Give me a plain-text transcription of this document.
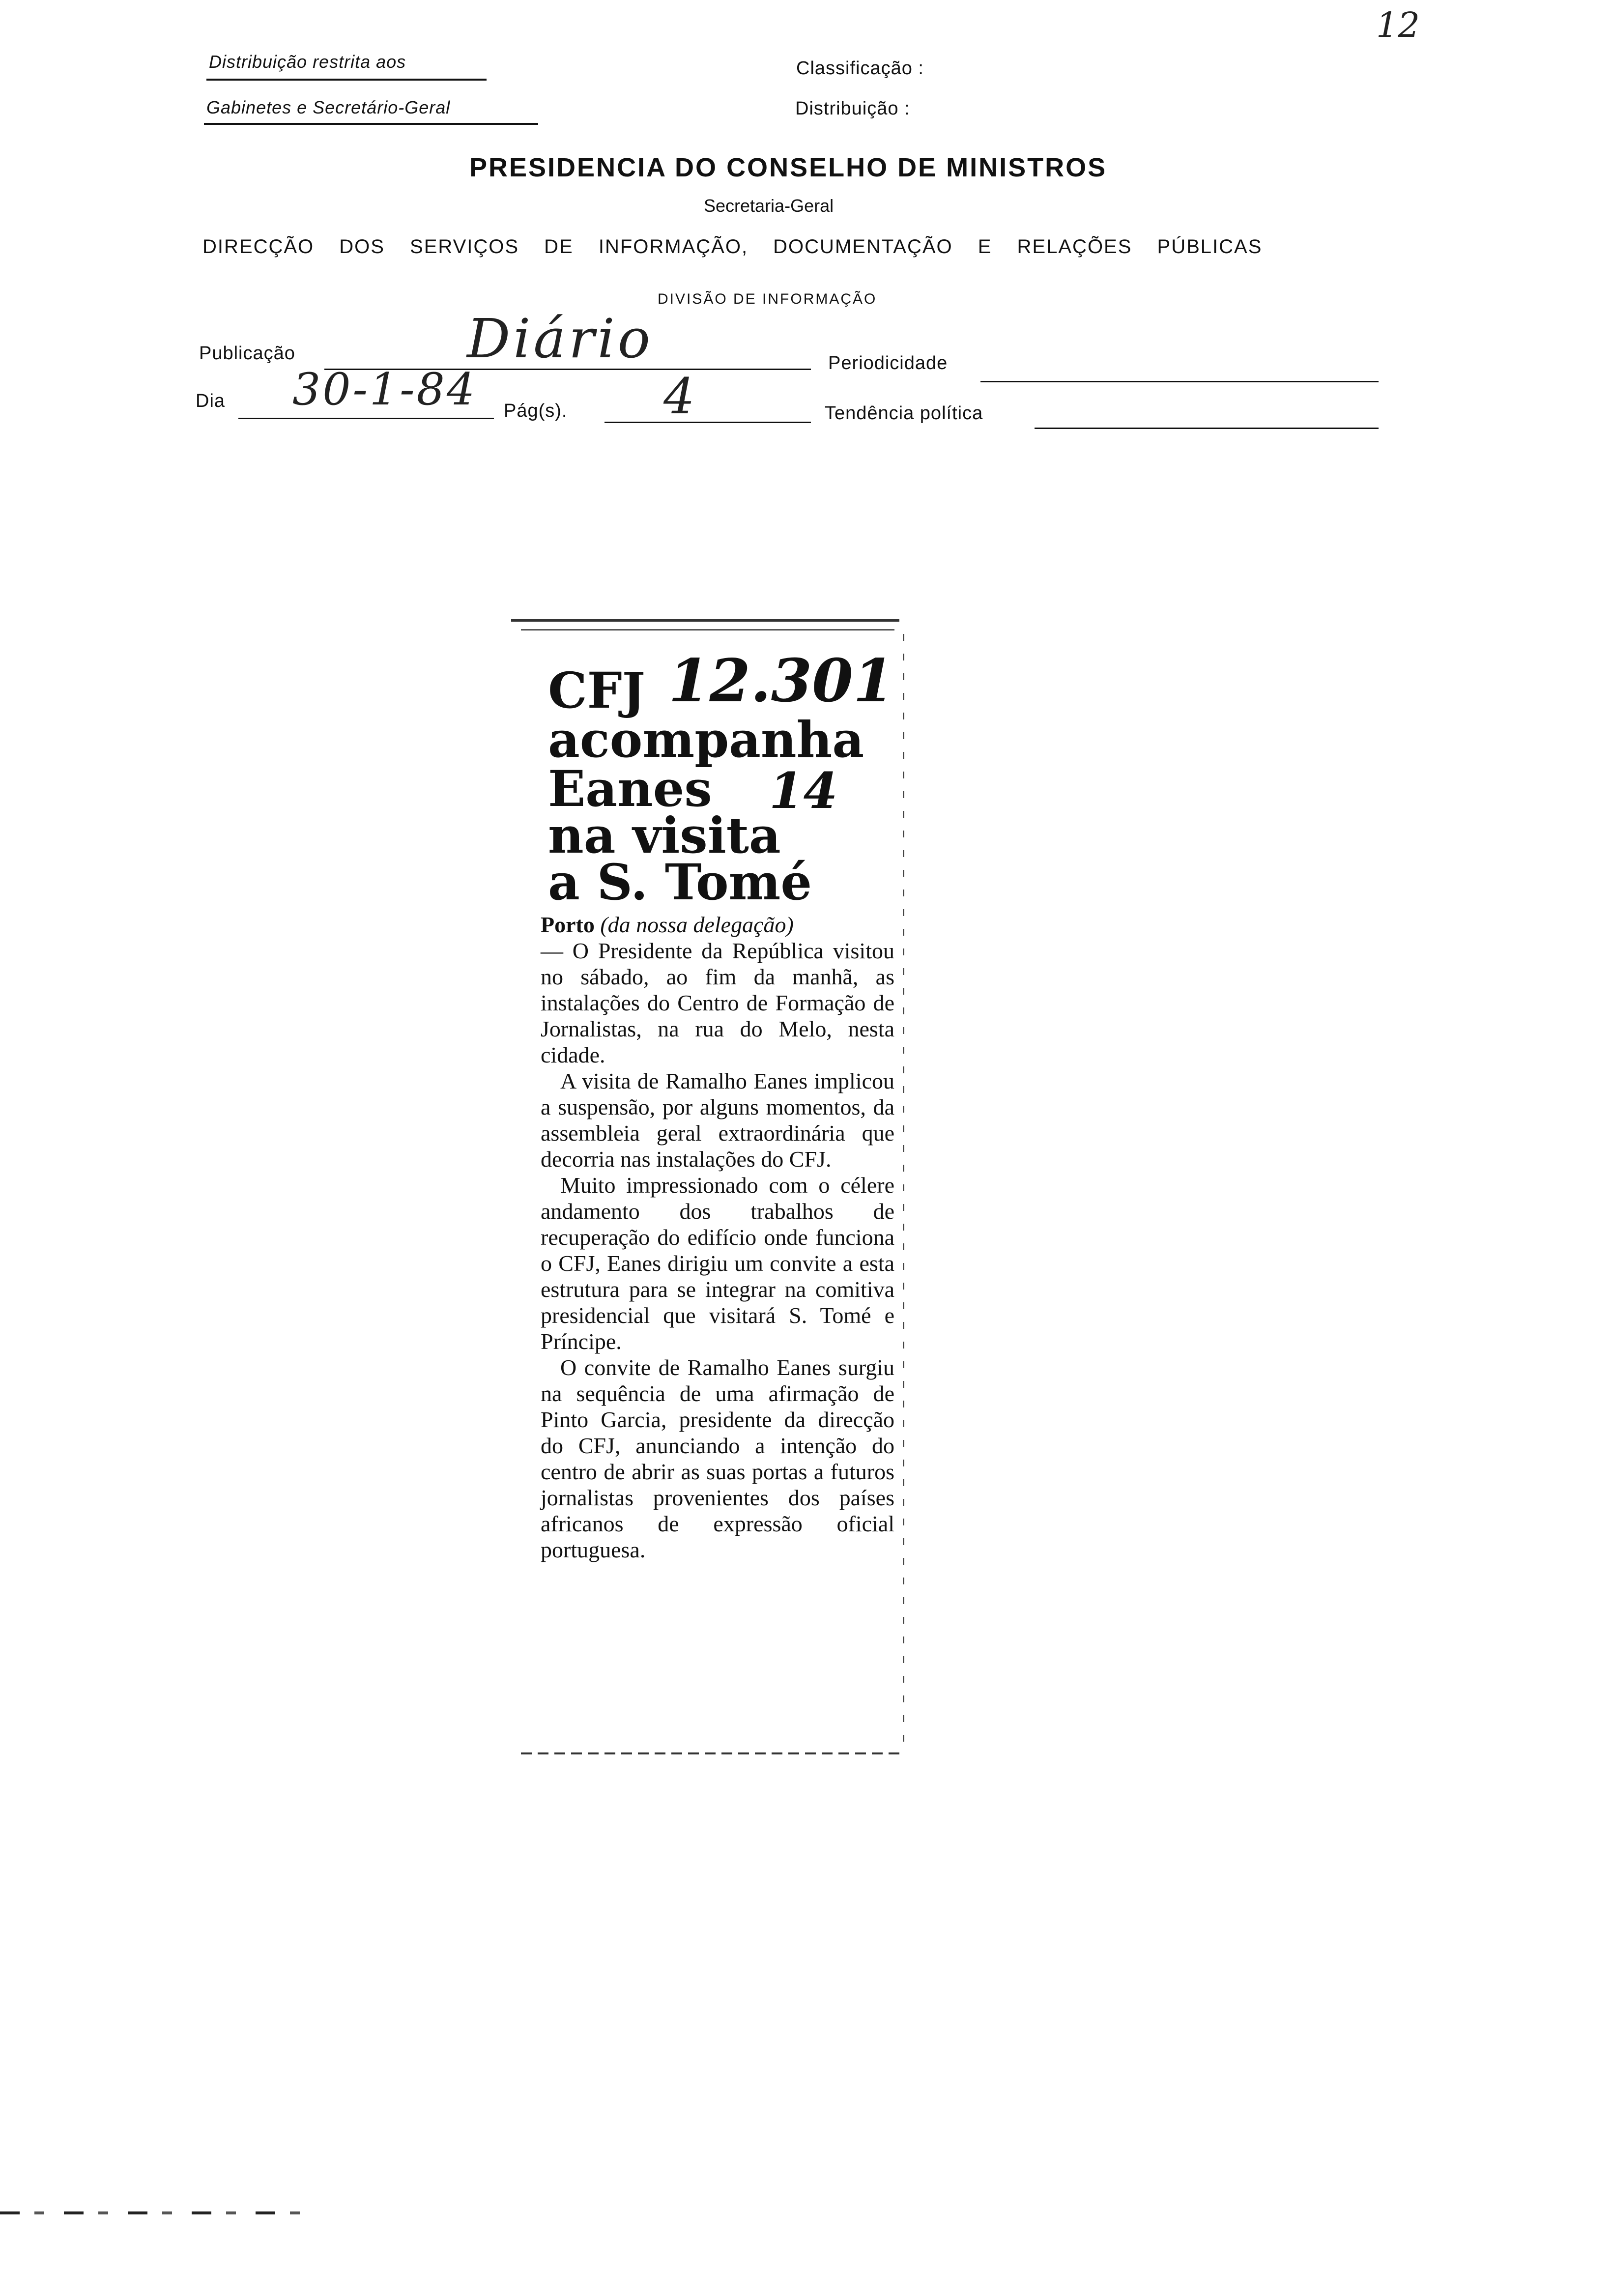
12
Distribuição restrita aos
Gabinetes e Secretário-Geral
Classificação :
Distribuição :
PRESIDENCIA DO CONSELHO DE MINISTROS
Secretaria-Geral
DIRECÇÃO DOS SERVIÇOS DE INFORMAÇÃO, DOCUMENTAÇÃO E RELAÇÕES PÚBLICAS
DIVISÃO DE INFORMAÇÃO
Publicação	Diário	Periodicidade
Dia 30-1-84 Pág(s). 4	Tendência política
CFJ
acompanha
Eanes
na visita
a S. Tomé
12.301
14

Porto (da nossa delegação)

— O Presidente da República visitou no sábado, ao fim da manhã, as instalações do Centro de Formação de Jornalistas, na rua do Melo, nesta cidade.

A visita de Ramalho Eanes implicou a suspensão, por alguns momentos, da assembleia geral extraordinária que decorria nas instalações do CFJ.

Muito impressionado com o célere andamento dos trabalhos de recuperação do edifício onde funciona o CFJ, Eanes dirigiu um convite a esta estrutura para se integrar na comitiva presidencial que visitará S. Tomé e Príncipe.

O convite de Ramalho Eanes surgiu na sequência de uma afirmação de Pinto Garcia, presidente da direcção do CFJ, anunciando a intenção do centro de abrir as suas portas a futuros jornalistas provenientes dos países africanos de expressão oficial portuguesa.
